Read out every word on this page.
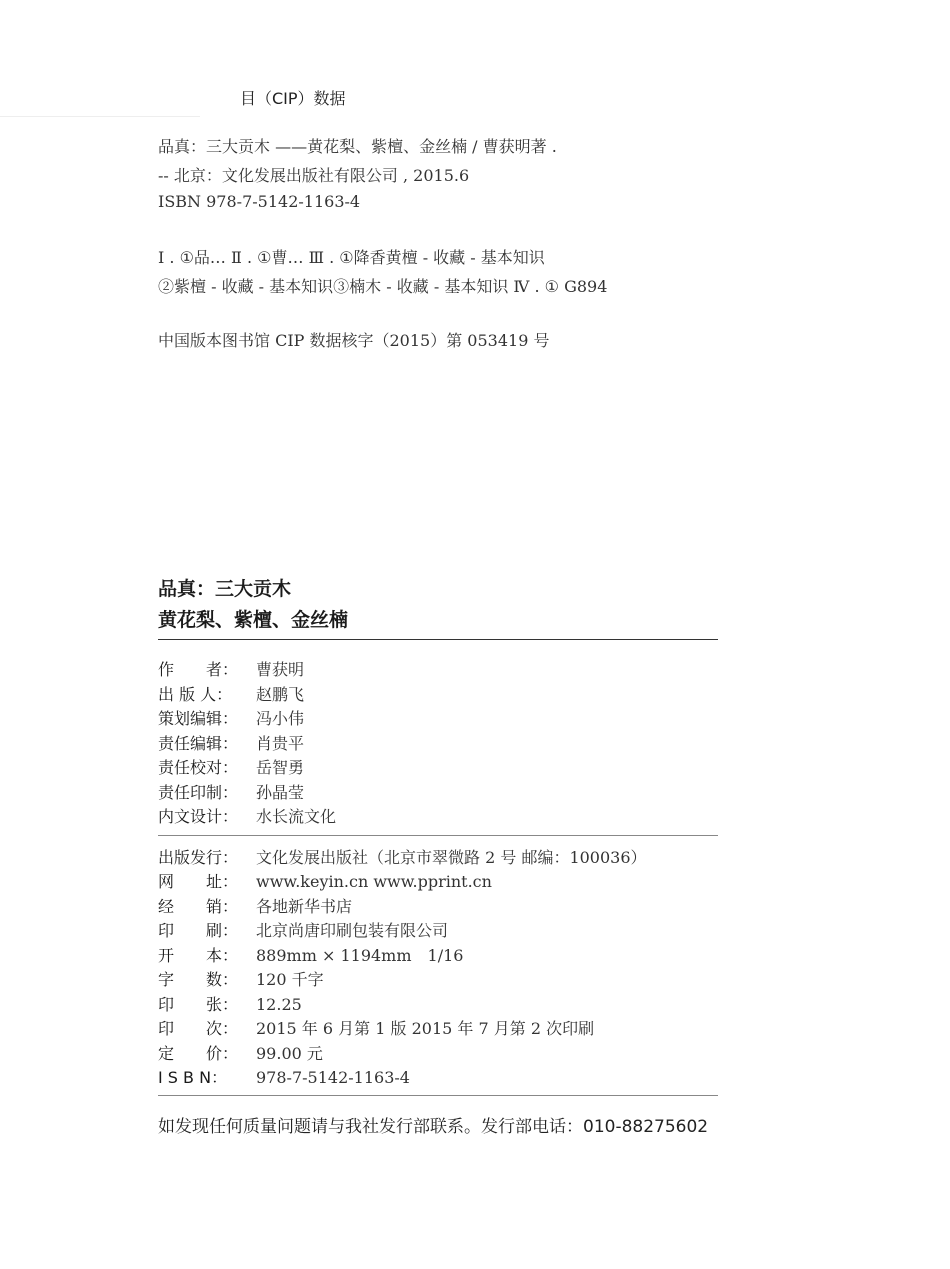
目（CIP）数据
品真：三大贡木 ——黄花梨、紫檀、金丝楠 / 曹获明著 .
-- 北京：文化发展出版社有限公司 , 2015.6
ISBN 978-7-5142-1163-4
Ⅰ . ①品… Ⅱ . ①曹… Ⅲ . ①降香黄檀 - 收藏 - 基本知识
②紫檀 - 收藏 - 基本知识③楠木 - 收藏 - 基本知识 Ⅳ . ① G894
中国版本图书馆 CIP 数据核字（2015）第 053419 号
品真：三大贡木
黄花梨、紫檀、金丝楠
作　　者： 曹获明
出 版 人： 赵鹏飞
策划编辑： 冯小伟
责任编辑： 肖贵平
责任校对： 岳智勇
责任印制： 孙晶莹
内文设计： 水长流文化
出版发行： 文化发展出版社（北京市翠微路 2 号 邮编：100036）
网　　址： www.keyin.cn www.pprint.cn
经　　销： 各地新华书店
印　　刷： 北京尚唐印刷包装有限公司
开　　本： 889mm × 1194mm　1/16
字　　数： 120 千字
印　　张： 12.25
印　　次： 2015 年 6 月第 1 版 2015 年 7 月第 2 次印刷
定　　价： 99.00 元
I S B N： 978-7-5142-1163-4
如发现任何质量问题请与我社发行部联系。发行部电话：010-88275602
